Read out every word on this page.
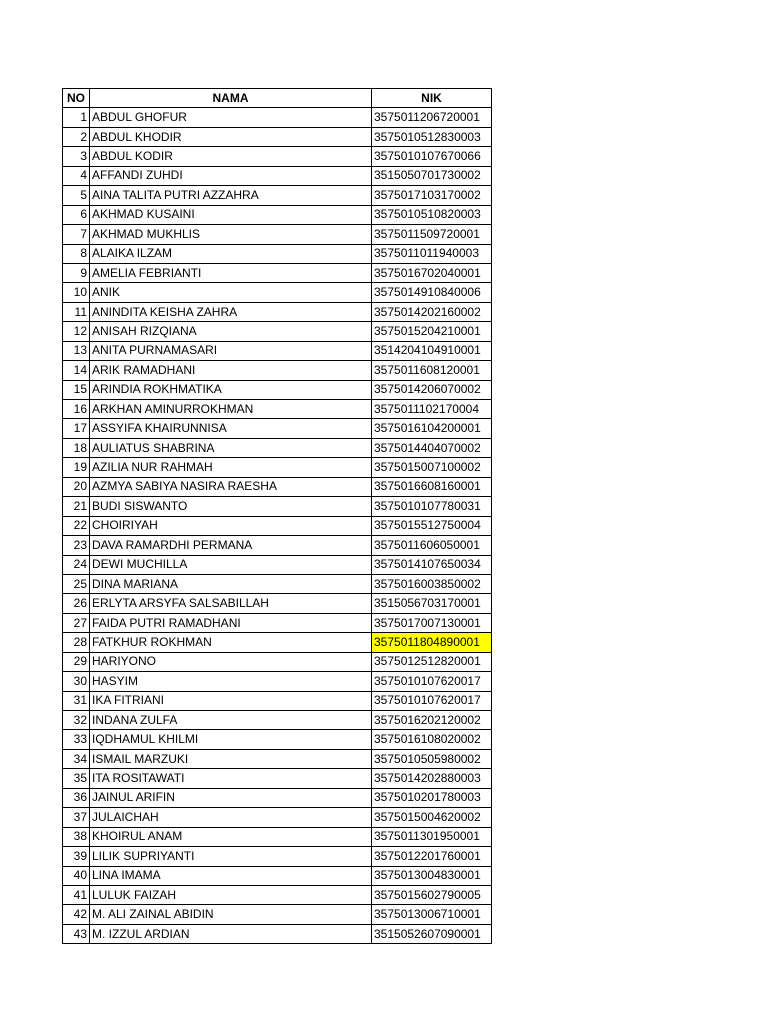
NO	NAMA	NIK
1	ABDUL GHOFUR	3575011206720001
2	ABDUL KHODIR	3575010512830003
3	ABDUL KODIR	3575010107670066
4	AFFANDI ZUHDI	3515050701730002
5	AINA TALITA PUTRI AZZAHRA	3575017103170002
6	AKHMAD KUSAINI	3575010510820003
7	AKHMAD MUKHLIS	3575011509720001
8	ALAIKA ILZAM	3575011011940003
9	AMELIA FEBRIANTI	3575016702040001
10	ANIK	3575014910840006
11	ANINDITA KEISHA ZAHRA	3575014202160002
12	ANISAH RIZQIANA	3575015204210001
13	ANITA PURNAMASARI	3514204104910001
14	ARIK RAMADHANI	3575011608120001
15	ARINDIA ROKHMATIKA	3575014206070002
16	ARKHAN AMINURROKHMAN	3575011102170004
17	ASSYIFA KHAIRUNNISA	3575016104200001
18	AULIATUS SHABRINA	3575014404070002
19	AZILIA NUR RAHMAH	3575015007100002
20	AZMYA SABIYA NASIRA RAESHA	3575016608160001
21	BUDI SISWANTO	3575010107780031
22	CHOIRIYAH	3575015512750004
23	DAVA RAMARDHI PERMANA	3575011606050001
24	DEWI MUCHILLA	3575014107650034
25	DINA MARIANA	3575016003850002
26	ERLYTA ARSYFA SALSABILLAH	3515056703170001
27	FAIDA PUTRI RAMADHANI	3575017007130001
28	FATKHUR ROKHMAN	3575011804890001
29	HARIYONO	3575012512820001
30	HASYIM	3575010107620017
31	IKA FITRIANI	3575010107620017
32	INDANA ZULFA	3575016202120002
33	IQDHAMUL KHILMI	3575016108020002
34	ISMAIL MARZUKI	3575010505980002
35	ITA ROSITAWATI	3575014202880003
36	JAINUL ARIFIN	3575010201780003
37	JULAICHAH	3575015004620002
38	KHOIRUL ANAM	3575011301950001
39	LILIK SUPRIYANTI	3575012201760001
40	LINA IMAMA	3575013004830001
41	LULUK FAIZAH	3575015602790005
42	M. ALI ZAINAL ABIDIN	3575013006710001
43	M. IZZUL ARDIAN	3515052607090001
